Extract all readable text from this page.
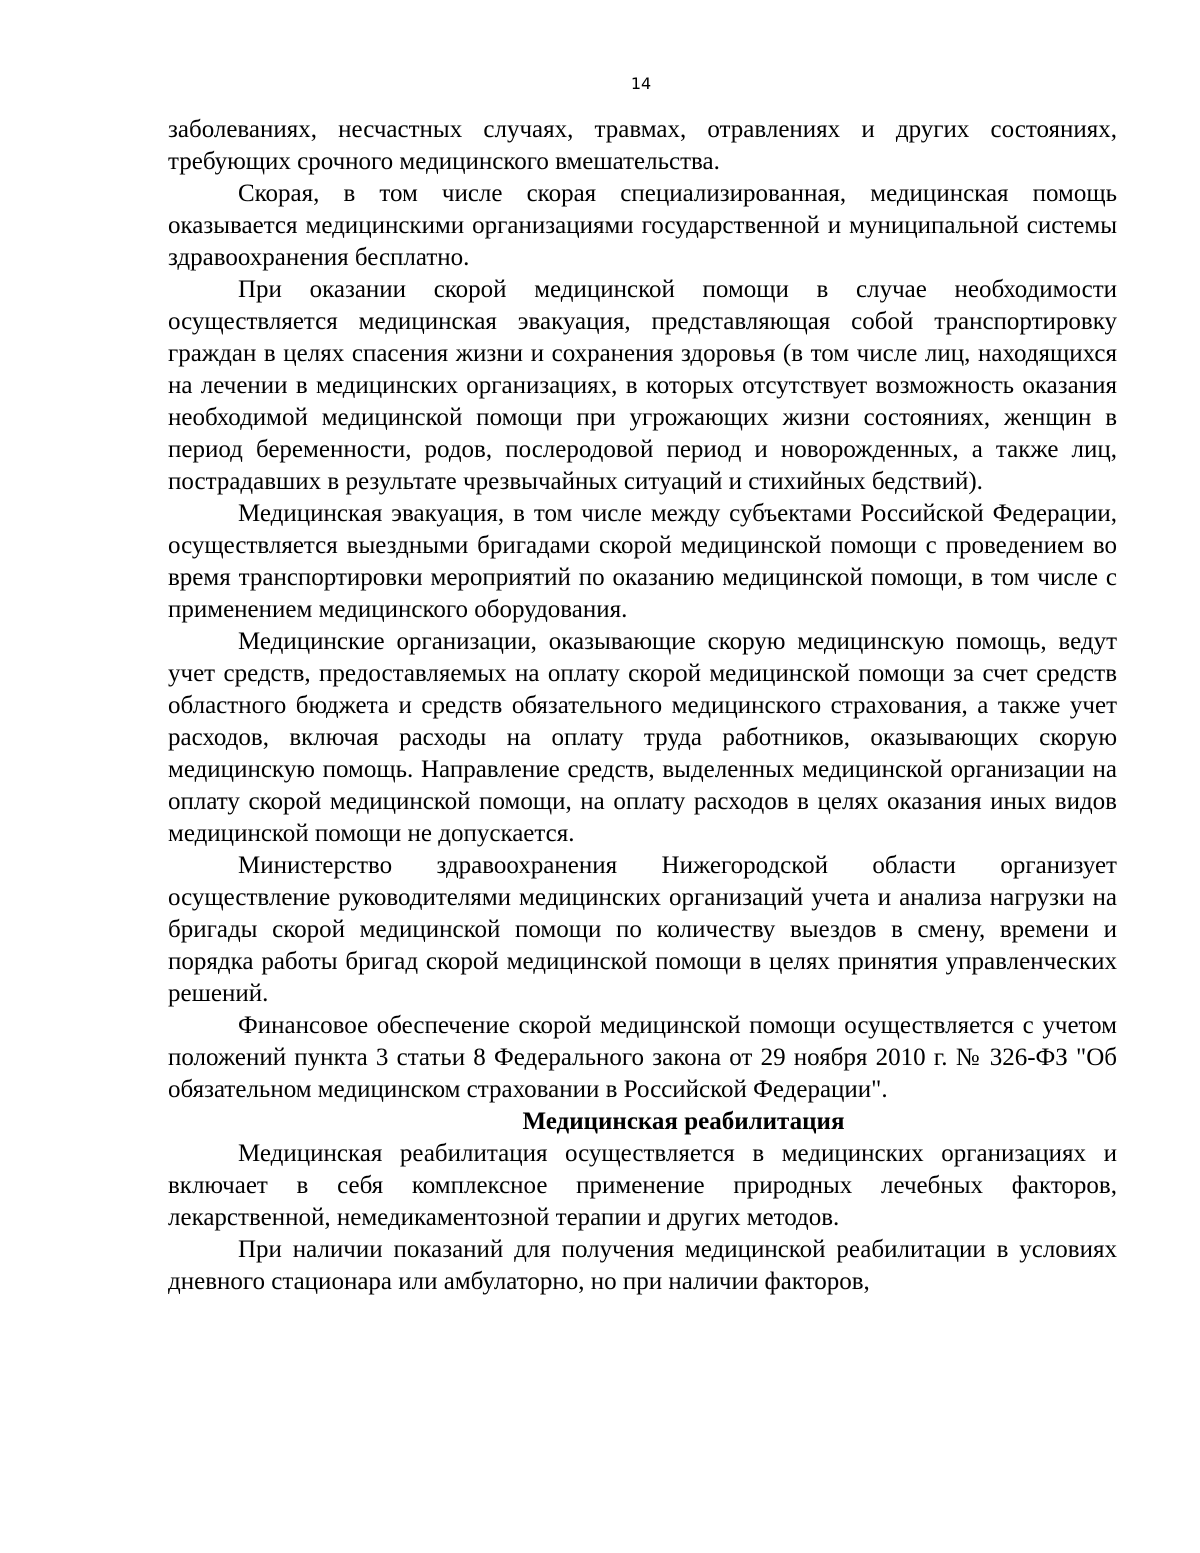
14

заболеваниях, несчастных случаях, травмах, отравлениях и других состояниях, требующих срочного медицинского вмешательства.

Скорая, в том числе скорая специализированная, медицинская помощь оказывается медицинскими организациями государственной и муниципальной системы здравоохранения бесплатно.

При оказании скорой медицинской помощи в случае необходимости осуществляется медицинская эвакуация, представляющая собой транспортировку граждан в целях спасения жизни и сохранения здоровья (в том числе лиц, находящихся на лечении в медицинских организациях, в которых отсутствует возможность оказания необходимой медицинской помощи при угрожающих жизни состояниях, женщин в период беременности, родов, послеродовой период и новорожденных, а также лиц, пострадавших в результате чрезвычайных ситуаций и стихийных бедствий).

Медицинская эвакуация, в том числе между субъектами Российской Федерации, осуществляется выездными бригадами скорой медицинской помощи с проведением во время транспортировки мероприятий по оказанию медицинской помощи, в том числе с применением медицинского оборудования.

Медицинские организации, оказывающие скорую медицинскую помощь, ведут учет средств, предоставляемых на оплату скорой медицинской помощи за счет средств областного бюджета и средств обязательного медицинского страхования, а также учет расходов, включая расходы на оплату труда работников, оказывающих скорую медицинскую помощь. Направление средств, выделенных медицинской организации на оплату скорой медицинской помощи, на оплату расходов в целях оказания иных видов медицинской помощи не допускается.

Министерство здравоохранения Нижегородской области организует осуществление руководителями медицинских организаций учета и анализа нагрузки на бригады скорой медицинской помощи по количеству выездов в смену, времени и порядка работы бригад скорой медицинской помощи в целях принятия управленческих решений.

Финансовое обеспечение скорой медицинской помощи осуществляется с учетом положений пункта 3 статьи 8 Федерального закона от 29 ноября 2010 г. № 326-ФЗ "Об обязательном медицинском страховании в Российской Федерации".

Медицинская реабилитация

Медицинская реабилитация осуществляется в медицинских организациях и включает в себя комплексное применение природных лечебных факторов, лекарственной, немедикаментозной терапии и других методов.

При наличии показаний для получения медицинской реабилитации в условиях дневного стационара или амбулаторно, но при наличии факторов,
